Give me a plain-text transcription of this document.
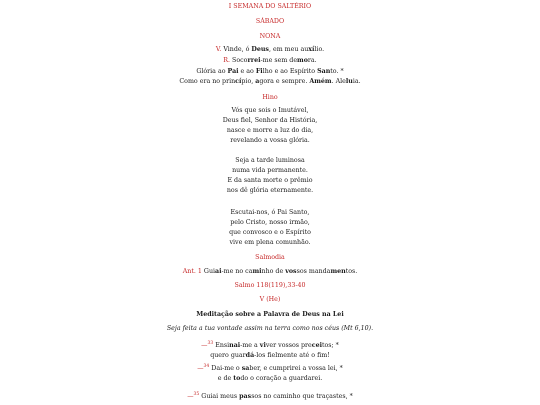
I SEMANA DO SALTÉRIO
SÁBADO
NONA
V. Vinde, ó Deus, em meu auxílio.
R. Socorrei-me sem demora.
Glória ao Pai e ao Filho e ao Espírito Santo. *
Como era no princípio, agora e sempre. Amém. Aleluia.
Hino
Vós que sois o Imutável,
Deus fiel, Senhor da História,
nasce e morre a luz do dia,
revelando a vossa glória.
Seja a tarde luminosa
numa vida permanente.
E da santa morte o prêmio
nos dê glória eternamente.
Escutai-nos, ó Pai Santo,
pelo Cristo, nosso irmão,
que convosco e o Espírito
vive em plena comunhão.
Salmodia
Ant. 1 Guiai-me no caminho de vossos mandamentos.
Salmo 118(119),33-40
V (He)
Meditação sobre a Palavra de Deus na Lei
Seja feita a tua vontade assim na terra como nos céus (Mt 6,10).
—$^{33}$ Ensinai-me a viver vossos preceitos; *
quero guardá-los fielmente até o fim!
—$^{34}$ Dai-me o saber, e cumprirei a vossa lei, *
e de todo o coração a guardarei.
—$^{35}$ Guiai meus passos no caminho que traçastes, *
